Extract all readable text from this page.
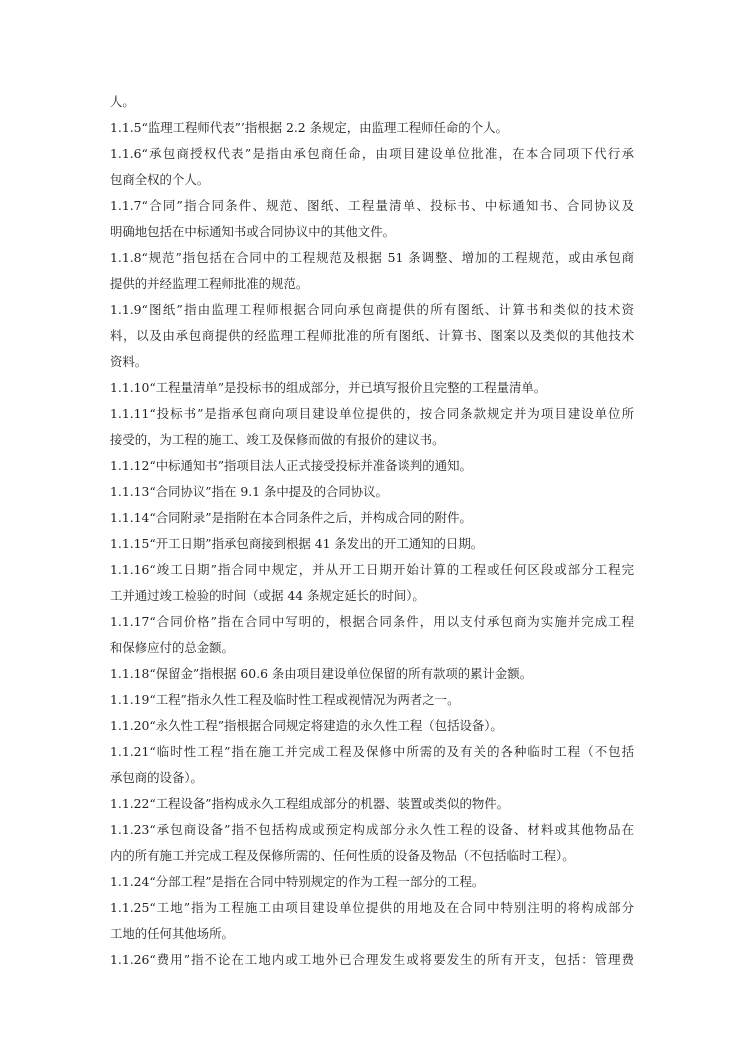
人。
1.1.5“监理工程师代表”’指根据 2.2 条规定，由监理工程师任命的个人。
1.1.6“承包商授权代表”是指由承包商任命，由项目建设单位批准，在本合同项下代行承
包商全权的个人。
1.1.7“合同”指合同条件、规范、图纸、工程量清单、投标书、中标通知书、合同协议及
明确地包括在中标通知书或合同协议中的其他文件。
1.1.8“规范”指包括在合同中的工程规范及根据 51 条调整、增加的工程规范，或由承包商
提供的并经监理工程师批准的规范。
1.1.9“图纸”指由监理工程师根据合同向承包商提供的所有图纸、计算书和类似的技术资
料，以及由承包商提供的经监理工程师批准的所有图纸、计算书、图案以及类似的其他技术
资料。
1.1.10“工程量清单”是投标书的组成部分，并已填写报价且完整的工程量清单。
1.1.11“投标书”是指承包商向项目建设单位提供的，按合同条款规定并为项目建设单位所
接受的，为工程的施工、竣工及保修而做的有报价的建议书。
1.1.12“中标通知书”指项目法人正式接受投标并准备谈判的通知。
1.1.13“合同协议”指在 9.1 条中提及的合同协议。
1.1.14“合同附录”是指附在本合同条件之后，并构成合同的附件。
1.1.15“开工日期”指承包商接到根据 41 条发出的开工通知的日期。
1.1.16“竣工日期”指合同中规定，并从开工日期开始计算的工程或任何区段或部分工程完
工并通过竣工检验的时间（或据 44 条规定延长的时间）。
1.1.17“合同价格”指在合同中写明的，根据合同条件，用以支付承包商为实施并完成工程
和保修应付的总金额。
1.1.18“保留金”指根据 60.6 条由项目建设单位保留的所有款项的累计金额。
1.1.19“工程”指永久性工程及临时性工程或视情况为两者之一。
1.1.20“永久性工程”指根据合同规定将建造的永久性工程（包括设备）。
1.1.21“临时性工程”指在施工并完成工程及保修中所需的及有关的各种临时工程（不包括
承包商的设备）。
1.1.22“工程设备”指构成永久工程组成部分的机器、装置或类似的物件。
1.1.23“承包商设备”指不包括构成或预定构成部分永久性工程的设备、材料或其他物品在
内的所有施工并完成工程及保修所需的、任何性质的设备及物品（不包括临时工程）。
1.1.24“分部工程”是指在合同中特别规定的作为工程一部分的工程。
1.1.25“工地”指为工程施工由项目建设单位提供的用地及在合同中特别注明的将构成部分
工地的任何其他场所。
1.1.26“费用”指不论在工地内或工地外已合理发生或将要发生的所有开支，包括：管理费
